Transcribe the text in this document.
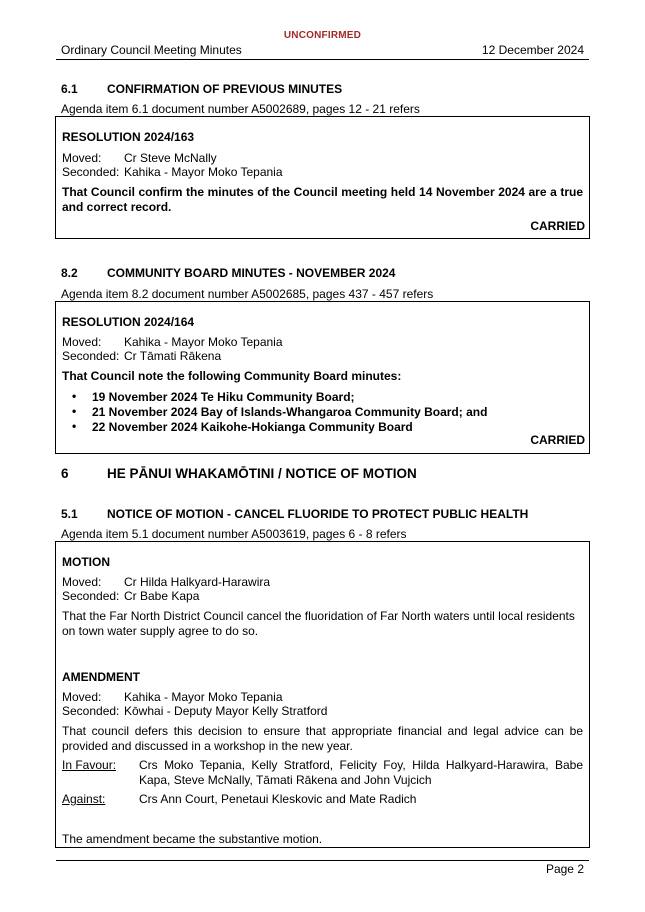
UNCONFIRMED
Ordinary Council Meeting Minutes	12 December 2024
6.1 CONFIRMATION OF PREVIOUS MINUTES
Agenda item 6.1 document number A5002689, pages 12 - 21 refers
RESOLUTION 2024/163
Moved: Cr Steve McNally
Seconded: Kahika - Mayor Moko Tepania
That Council confirm the minutes of the Council meeting held 14 November 2024 are a true and correct record.
CARRIED
8.2 COMMUNITY BOARD MINUTES - NOVEMBER 2024
Agenda item 8.2 document number A5002685, pages 437 - 457 refers
RESOLUTION 2024/164
Moved: Kahika - Mayor Moko Tepania
Seconded: Cr Tāmati Rākena
That Council note the following Community Board minutes:
• 19 November 2024 Te Hiku Community Board;
• 21 November 2024 Bay of Islands-Whangaroa Community Board; and
• 22 November 2024 Kaikohe-Hokianga Community Board
CARRIED
6	HE PĀNUI WHAKAMŌTINI / NOTICE OF MOTION
5.1 NOTICE OF MOTION - CANCEL FLUORIDE TO PROTECT PUBLIC HEALTH
Agenda item 5.1 document number A5003619, pages 6 - 8 refers
MOTION
Moved: Cr Hilda Halkyard-Harawira
Seconded: Cr Babe Kapa
That the Far North District Council cancel the fluoridation of Far North waters until local residents on town water supply agree to do so.
AMENDMENT
Moved: Kahika - Mayor Moko Tepania
Seconded: Kōwhai - Deputy Mayor Kelly Stratford
That council defers this decision to ensure that appropriate financial and legal advice can be provided and discussed in a workshop in the new year.
In Favour:	Crs Moko Tepania, Kelly Stratford, Felicity Foy, Hilda Halkyard-Harawira, Babe Kapa, Steve McNally, Tāmati Rākena and John Vujcich
Against:	Crs Ann Court, Penetaui Kleskovic and Mate Radich
The amendment became the substantive motion.
Page 2
